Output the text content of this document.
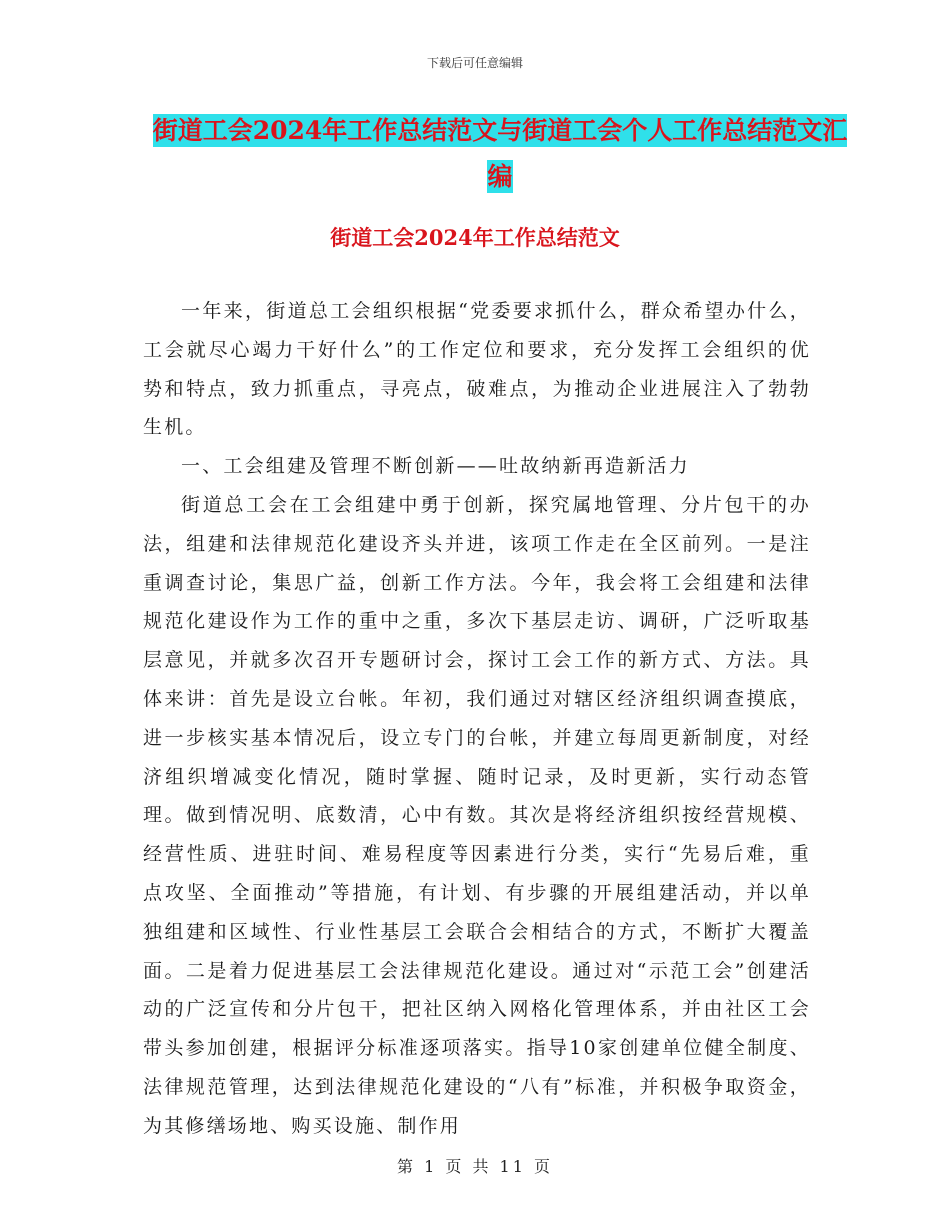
下载后可任意编辑
街道工会2024年工作总结范文与街道工会个人工作总结范文汇编
街道工会2024年工作总结范文

一年来，街道总工会组织根据“党委要求抓什么，群众希望办什么，工会就尽心竭力干好什么”的工作定位和要求，充分发挥工会组织的优势和特点，致力抓重点，寻亮点，破难点，为推动企业进展注入了勃勃生机。

一、工会组建及管理不断创新——吐故纳新再造新活力

街道总工会在工会组建中勇于创新，探究属地管理、分片包干的办法，组建和法律规范化建设齐头并进，该项工作走在全区前列。一是注重调查讨论，集思广益，创新工作方法。今年，我会将工会组建和法律规范化建设作为工作的重中之重，多次下基层走访、调研，广泛听取基层意见，并就多次召开专题研讨会，探讨工会工作的新方式、方法。具体来讲：首先是设立台帐。年初，我们通过对辖区经济组织调查摸底，进一步核实基本情况后，设立专门的台帐，并建立每周更新制度，对经济组织增减变化情况，随时掌握、随时记录，及时更新，实行动态管理。做到情况明、底数清，心中有数。其次是将经济组织按经营规模、经营性质、进驻时间、难易程度等因素进行分类，实行“先易后难，重点攻坚、全面推动”等措施，有计划、有步骤的开展组建活动，并以单独组建和区域性、行业性基层工会联合会相结合的方式，不断扩大覆盖面。二是着力促进基层工会法律规范化建设。通过对“示范工会”创建活动的广泛宣传和分片包干，把社区纳入网格化管理体系，并由社区工会带头参加创建，根据评分标准逐项落实。指导10家创建单位健全制度、法律规范管理，达到法律规范化建设的“八有”标准，并积极争取资金，为其修缮场地、购买设施、制作用

第 1 页 共 11 页
